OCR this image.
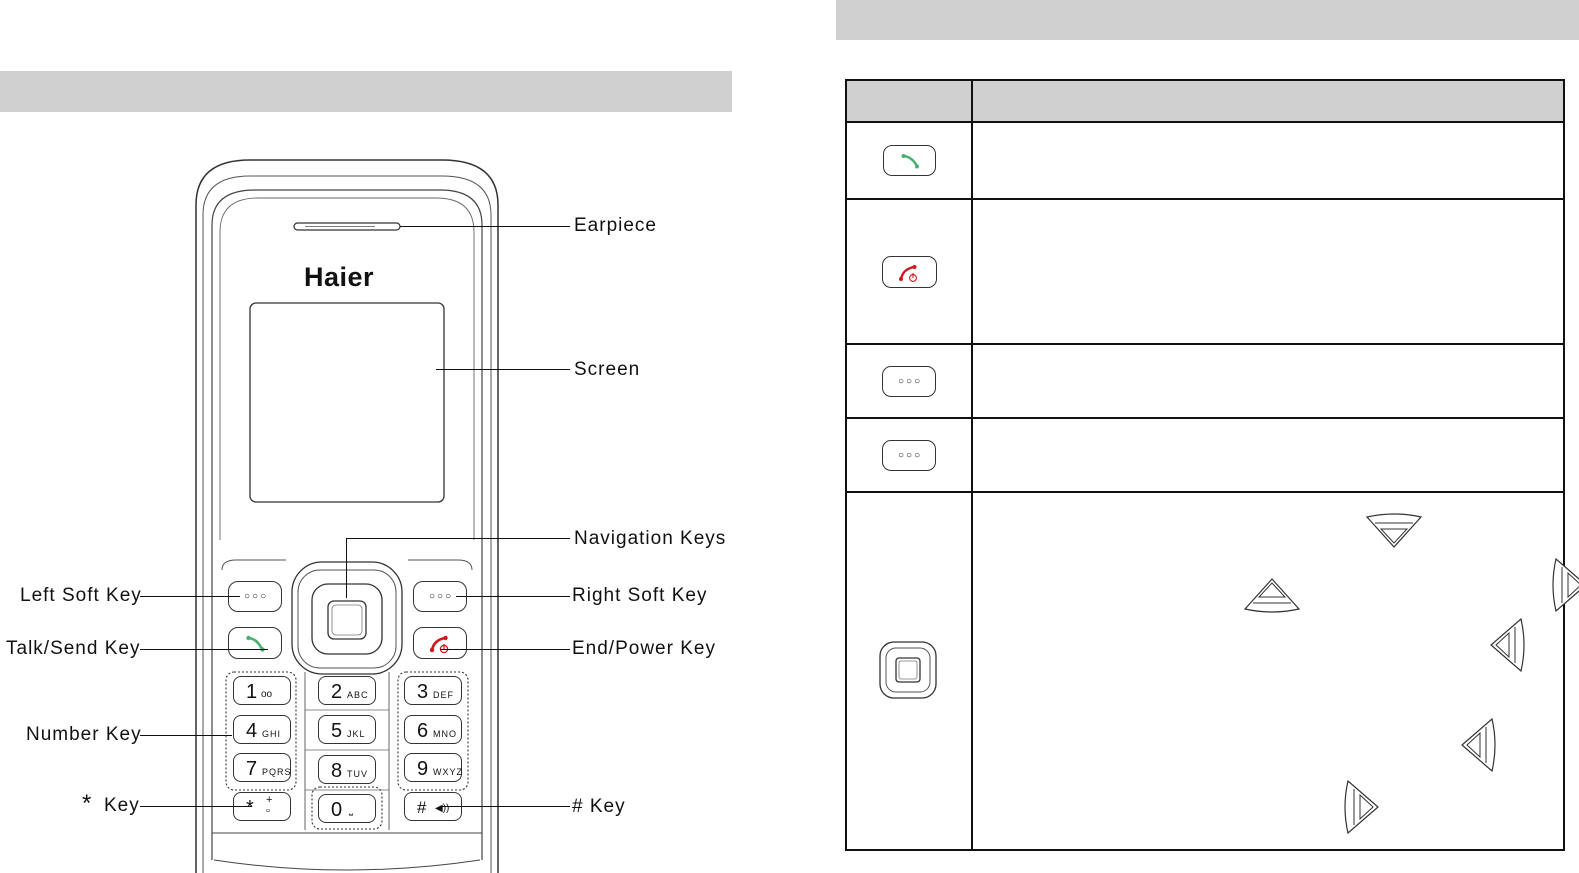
Haier
○○○	○○○
1 oo	2 ABC 3 DEF
4 GHI 5 JKL	6 MNO
7 PQRS 8 TUV 9 WXYZ
* +
▫	0 ⎵	# ◀))
Earpiece
Screen
Navigation Keys
Left Soft Key	Right Soft Key
Talk/Send Key	End/Power Key
Number Key
* Key	# Key

○○○	

○○○	
